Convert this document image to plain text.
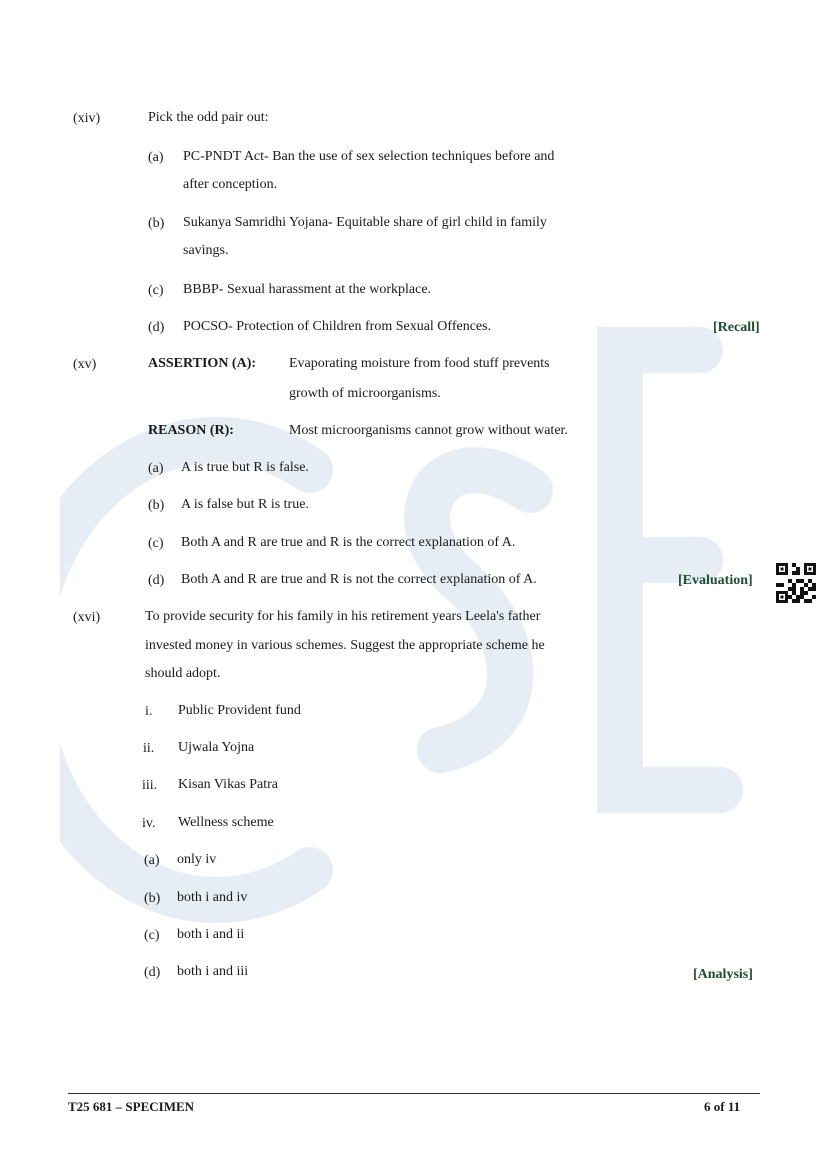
(xiv)	Pick the odd pair out:
(a) PC-PNDT Act- Ban the use of sex selection techniques before and
after conception.
(b) Sukanya Samridhi Yojana- Equitable share of girl child in family
savings.
(c) BBBP- Sexual harassment at the workplace.
(d) POCSO- Protection of Children from Sexual Offences.	[Recall]
(xv)	ASSERTION (A): Evaporating moisture from food stuff prevents
growth of microorganisms.
REASON (R):	Most microorganisms cannot grow without water.
(a) A is true but R is false.
(b) A is false but R is true.
(c) Both A and R are true and R is the correct explanation of A.
(d) Both A and R are true and R is not the correct explanation of A.	[Evaluation]
(xvi)	To provide security for his family in his retirement years Leela's father
invested money in various schemes. Suggest the appropriate scheme he
should adopt.
i. Public Provident fund
ii. Ujwala Yojna
iii. Kisan Vikas Patra
iv. Wellness scheme
(a) only iv
(b) both i and iv
(c) both i and ii
(d) both i and iii	[Analysis]
T25 681 – SPECIMEN	6 of 11
